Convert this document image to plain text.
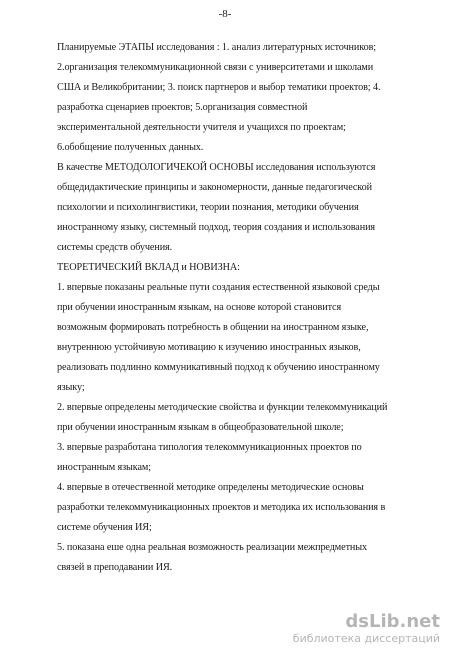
-8-
Планируемые ЭТАПЫ исследования : 1. анализ литературных источников;
2.организация телекоммуникационной связи с университетами и школами
США и Великобритании; 3. поиск партнеров и выбор тематики проектов; 4.
разработка сценариев проектов; 5.организация совместной
экспериментальной деятельности учителя и учащихся по проектам;
6.обобщение полученных данных.
В качестве МЕТОДОЛОГИЧЕКОЙ ОСНОВЫ исследования используются
общедидактические принципы и закономерности, данные педагогической
психологии и психолингвистики, теории познания, методики обучения
иностранному языку, системный подход, теория создания и использования
системы средств обучения.
ТЕОРЕТИЧЕСКИЙ ВКЛАД и НОВИЗНА:
1. впервые показаны реальные пути создания естественной языковой среды
при обучении иностранным языкам, на основе которой становится
возможным формировать потребность в общении на иностранном языке,
внутреннюю устойчивую мотивацию к изучению иностранных языков,
реализовать подлинно коммуникативный подход к обучению иностранному
языку;
2. впервые определены методические свойства и функции телекоммуникаций
при обучении иностранным языкам в общеобразовательной школе;
3. впервые разработана типология телекоммуникационных проектов по
иностранным языкам;
4. впервые в отечественной методике определены методические основы
разработки телекоммуникационных проектов и методика их использования в
системе обучения ИЯ;
5. показана еше одна реальная возможность реализации межпредметных
связей в преподавании ИЯ.
dsLib.net
библиотека диссертаций
